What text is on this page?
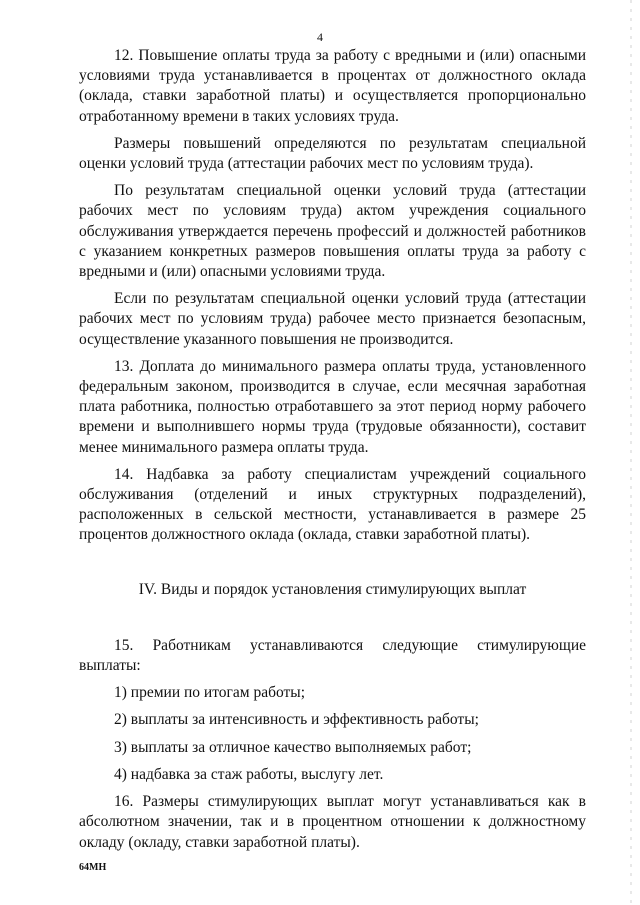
4

12. Повышение оплаты труда за работу с вредными и (или) опасными условиями труда устанавливается в процентах от должностного оклада (оклада, ставки заработной платы) и осуществляется пропорционально отработанному времени в таких условиях труда.

Размеры повышений определяются по результатам специальной оценки условий труда (аттестации рабочих мест по условиям труда).

По результатам специальной оценки условий труда (аттестации рабочих мест по условиям труда) актом учреждения социального обслуживания утверждается перечень профессий и должностей работников с указанием конкретных размеров повышения оплаты труда за работу с вредными и (или) опасными условиями труда.

Если по результатам специальной оценки условий труда (аттестации рабочих мест по условиям труда) рабочее место признается безопасным, осуществление указанного повышения не производится.

13. Доплата до минимального размера оплаты труда, установленного федеральным законом, производится в случае, если месячная заработная плата работника, полностью отработавшего за этот период норму рабочего времени и выполнившего нормы труда (трудовые обязанности), составит менее минимального размера оплаты труда.

14. Надбавка за работу специалистам учреждений социального обслуживания (отделений и иных структурных подразделений), расположенных в сельской местности, устанавливается в размере 25 процентов должностного оклада (оклада, ставки заработной платы).

IV. Виды и порядок установления стимулирующих выплат

15. Работникам устанавливаются следующие стимулирующие выплаты:

1) премии по итогам работы;

2) выплаты за интенсивность и эффективность работы;

3) выплаты за отличное качество выполняемых работ;

4) надбавка за стаж работы, выслугу лет.

16. Размеры стимулирующих выплат могут устанавливаться как в абсолютном значении, так и в процентном отношении к должностному окладу (окладу, ставки заработной платы).

64МН
